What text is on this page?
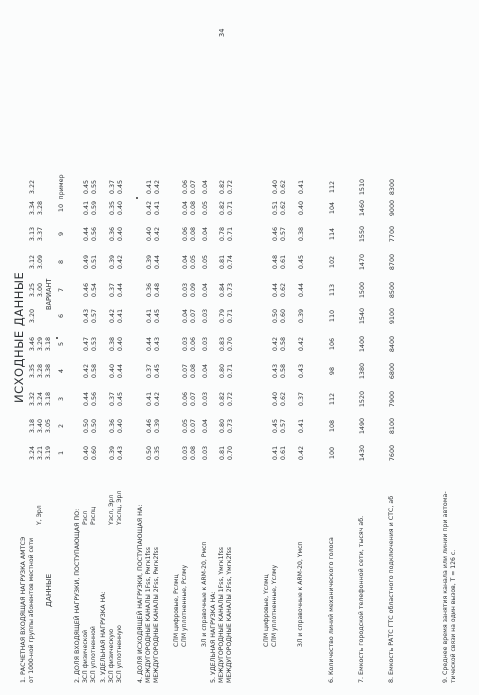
ИСХОДНЫЕ ДАННЫЕ
34
ДАННЫЕ
ВАРИАНТ
1
2
3
4
5
6
7
8
9
10
пример
1. РАСЧЕТНАЯ ВХОДЯЩАЯ НАГРУЗКА АМТСЭ от 1000-ной группы абонентов местной сети
Y, Эрл
3.24 3.21 3.19
3.18 3.40 3.05
3.32 3.24 3.18
3.35 3.28 3.38
3.46 3.29 3.18
3.20
3.25 3.00
3.12 3.09
3.13 3.37
3.34 3.28
3.22
2. ДОЛЯ ВХОДЯЩЕЙ НАГРУЗКИ, ПОСТУПАЮЩАЯ ПО: ЗСЛ физической ЗСЛ уплотненной
Рзсл Рзслц
0.40 0.60
0.50 0.50
0.44 0.56
0.42 0.58
0.47 0.53
0.43 0.57
0.46 0.54
0.49 0.51
0.44 0.56
0.41 0.59
0.45 0.55
3. УДЕЛЬНАЯ НАГРУЗКА НА: ЗСЛ физическую ЗСЛ уплотненную
Yзсл, Эрл Yзслц, Эрл
0.39 0.43
0.36 0.40
0.37 0.45
0.40 0.44
0.38 0.40
0.42 0.41
0.37 0.44
0.39 0.42
0.36 0.40
0.35 0.40
0.37 0.45
4. ДОЛЯ ИСХОДЯЩЕЙ НАГРУЗКИ, ПОСТУПАЮЩАЯ НА: МЕЖДУГОРОДНЫЕ КАНАЛЫ 1Fss, Рмгк1fss МЕЖДУГОРОДНЫЕ КАНАЛЫ 2Fss, Рмгк2fss
0.50 0.35
0.46 0.39
0.41 0.42
0.37 0.45
0.44 0.43
0.41 0.45
0.36 0.48
0.39 0.44
0.40 0.42
0.42 0.41
0.41 0.42
СЛМ цифровые, Рслмц СЛМ уплотненные, Рслму
0.03 0.08
0.05 0.07
0.06 0.07
0.07 0.08
0.03 0.06
0.04 0.07
0.03 0.09
0.04 0.05
0.06 0.08
0.04 0.08
0.06 0.07
ЗЛ и справочные к ARM-20, Рмсп
0.03
0.04
0.03
0.04
0.03
0.03
0.04
0.05
0.04
0.05
0.04
5. УДЕЛЬНАЯ НАГРУЗКА НА: МЕЖДУГОРОДНЫЕ КАНАЛЫ 1Fss, Yмгк1fss МЕЖДУГОРОДНЫЕ КАНАЛЫ 2Fss, Yмгк2fss
0.81 0.70
0.80 0.73
0.82 0.72
0.80 0.71
0.83 0.70
0.79 0.71
0.84 0.73
0.81 0.74
0.78 0.71
0.82 0.71
0.82 0.72
СЛМ цифровые, Yслмц СЛМ уплотненные, Yслму
0.41 0.61
0.45 0.57
0.40 0.62
0.43 0.58
0.42 0.58
0.50 0.60
0.44 0.62
0.48 0.61
0.46 0.57
0.51 0.62
0.40 0.62
ЗЛ и справочные к ARM-20, Yмсп
0.42
0.41
0.37
0.43
0.42
0.39
0.44
0.45
0.38
0.40
0.41
6. Количество линий механического голоса
100
108
112
98
106
110
113
102
114
104
112
7. Емкость городской телефонной сети, тысяч аб.
1430
1490
1520
1380
1400
1540
1500
1470
1550
1460
1510
8. Емкость РАТС ГТС областного подключения и СТС, аб
7600
8100
7900
6800
8400
9100
8500
8700
7700
9000
8300
9. Среднее время занятия канала или линии при автома- тической связи на один вызов, T = 126 с.
